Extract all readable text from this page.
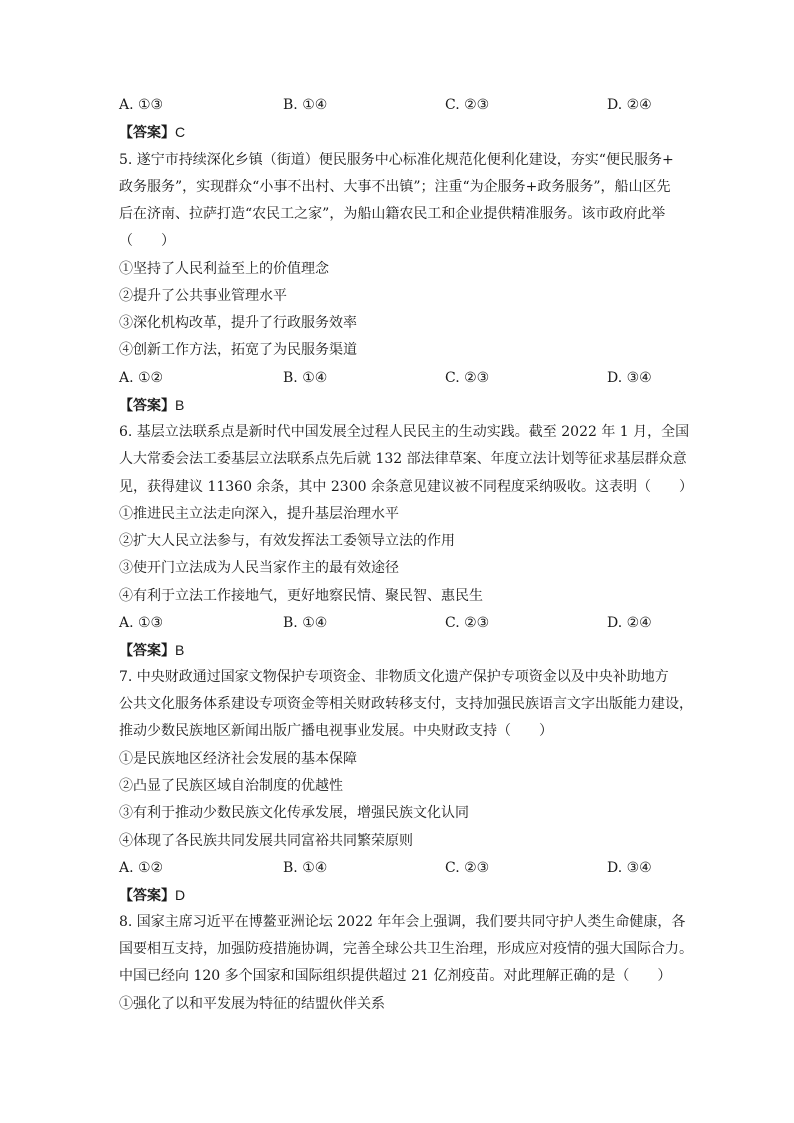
A. ①③	B. ①④	C. ②③	D. ②④
【答案】C
5. 遂宁市持续深化乡镇（街道）便民服务中心标准化规范化便利化建设，夯实“便民服务+
政务服务”，实现群众“小事不出村、大事不出镇”；注重“为企服务+政务服务”，船山区先
后在济南、拉萨打造“农民工之家”，为船山籍农民工和企业提供精准服务。该市政府此举
（　　）
①坚持了人民利益至上的价值理念
②提升了公共事业管理水平
③深化机构改革，提升了行政服务效率
④创新工作方法，拓宽了为民服务渠道
A. ①②	B. ①④	C. ②③	D. ③④
【答案】B
6. 基层立法联系点是新时代中国发展全过程人民民主的生动实践。截至 2022 年 1 月，全国
人大常委会法工委基层立法联系点先后就 132 部法律草案、年度立法计划等征求基层群众意
见，获得建议 11360 余条，其中 2300 余条意见建议被不同程度采纳吸收。这表明（　　）
①推进民主立法走向深入，提升基层治理水平
②扩大人民立法参与，有效发挥法工委领导立法的作用
③使开门立法成为人民当家作主的最有效途径
④有利于立法工作接地气，更好地察民情、聚民智、惠民生
A. ①③	B. ①④	C. ②③	D. ②④
【答案】B
7. 中央财政通过国家文物保护专项资金、非物质文化遗产保护专项资金以及中央补助地方
公共文化服务体系建设专项资金等相关财政转移支付，支持加强民族语言文字出版能力建设，
推动少数民族地区新闻出版广播电视事业发展。中央财政支持（　　）
①是民族地区经济社会发展的基本保障
②凸显了民族区域自治制度的优越性
③有利于推动少数民族文化传承发展，增强民族文化认同
④体现了各民族共同发展共同富裕共同繁荣原则
A. ①②	B. ①④	C. ②③	D. ③④
【答案】D
8. 国家主席习近平在博鳌亚洲论坛 2022 年年会上强调，我们要共同守护人类生命健康，各
国要相互支持，加强防疫措施协调，完善全球公共卫生治理，形成应对疫情的强大国际合力。
中国已经向 120 多个国家和国际组织提供超过 21 亿剂疫苗。对此理解正确的是（　　）
①强化了以和平发展为特征的结盟伙伴关系
